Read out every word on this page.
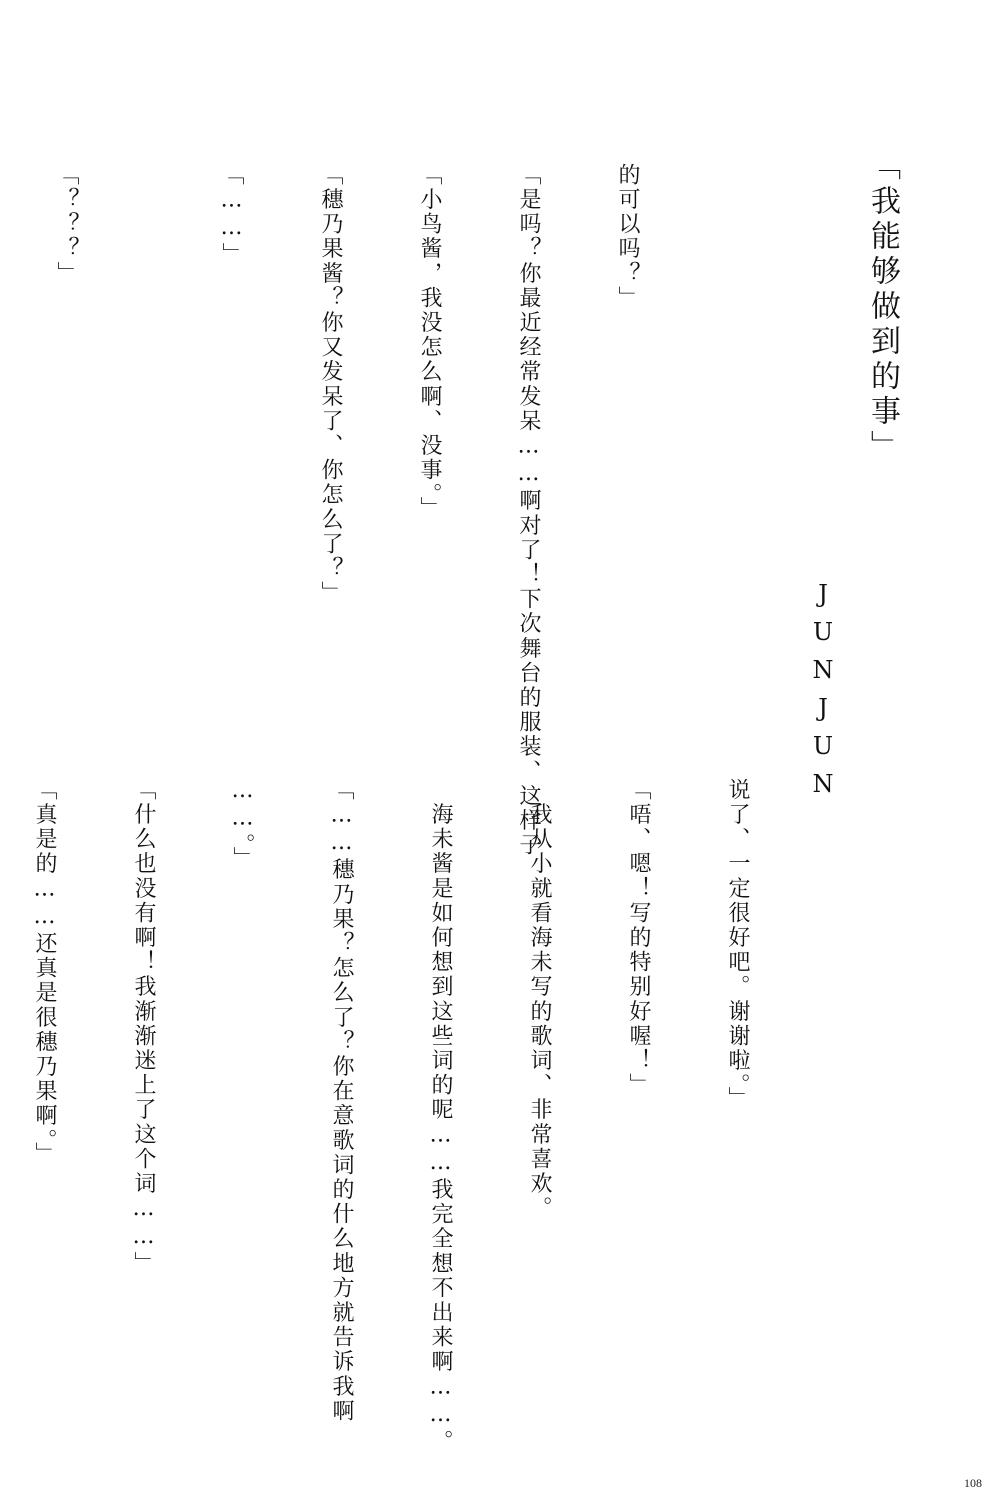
「我能够做到的事」
JUNJUN

的可以吗？」

「是吗？你最近经常发呆……啊对了！下次舞台的服装、这样子

「小鸟酱，我没怎么啊、没事。」

「穗乃果酱？你又发呆了、你怎么了？」

「……」

「？？？」

说了、一定很好吧。谢谢啦。」

「唔、嗯！写的特别好喔！」

　我从小就看海未写的歌词、非常喜欢。

　海未酱是如何想到这些词的呢……我完全想不出来啊……。

「……穗乃果？怎么了？你在意歌词的什么地方就告诉我啊

……。」

「什么也没有啊！我渐渐迷上了这个词……」

「真是的……还真是很穗乃果啊。」

108
